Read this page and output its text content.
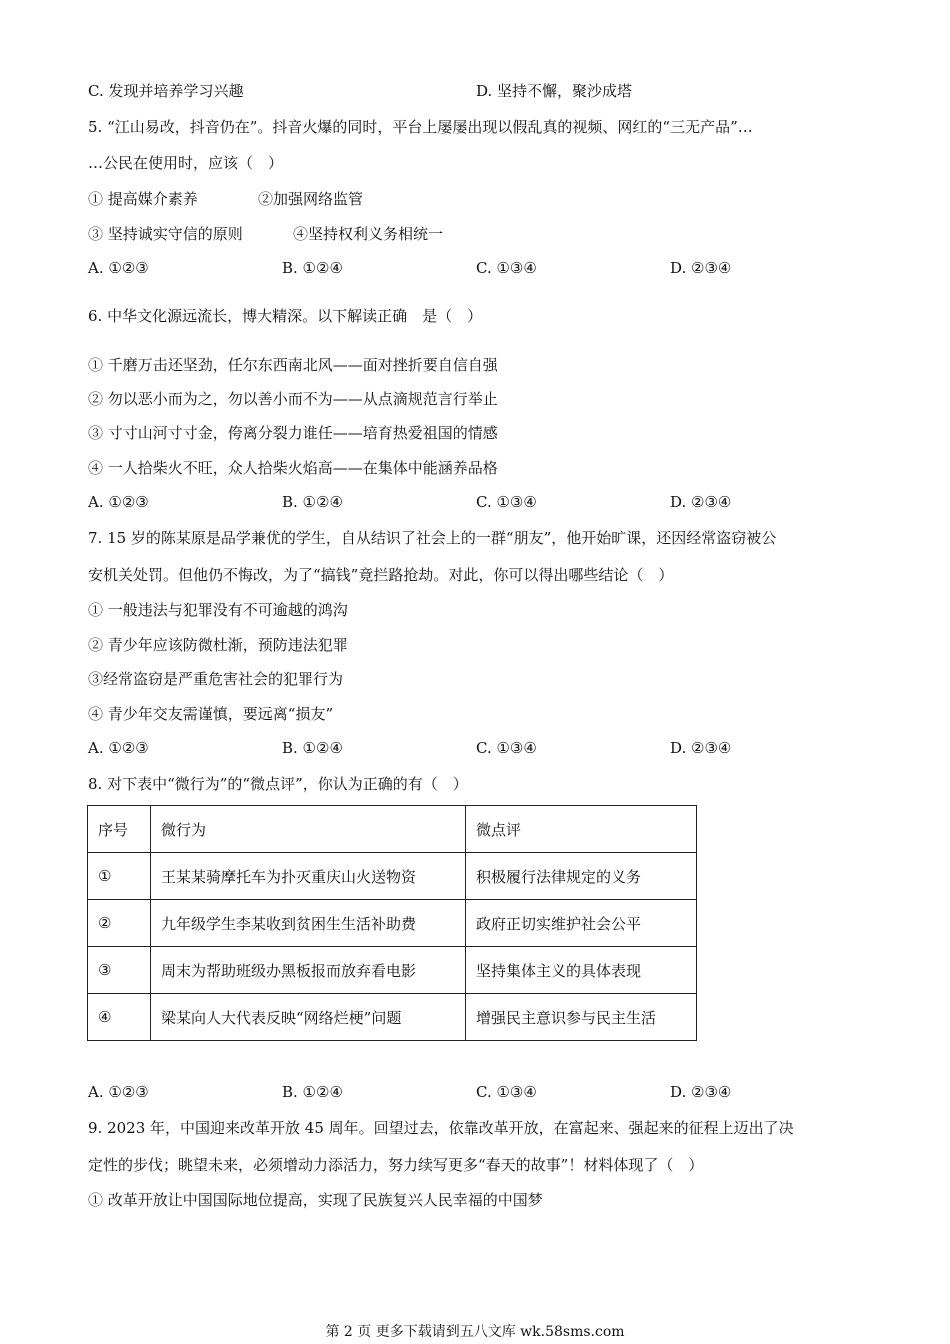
C. 发现并培养学习兴趣	D. 坚持不懈，聚沙成塔
5. “江山易改，抖音仍在”。抖音火爆的同时，平台上屡屡出现以假乱真的视频、网红的“三无产品”…
…公民在使用时，应该（　）
① 提高媒介素养	②加强网络监管
③ 坚持诚实守信的原则	④坚持权利义务相统一
A. ①②③	B. ①②④	C. ①③④	D. ②③④
6. 中华文化源远流长，博大精深。以下解读正确　是（　）
① 千磨万击还坚劲，任尔东西南北风——面对挫折要自信自强
② 勿以恶小而为之，勿以善小而不为——从点滴规范言行举止
③ 寸寸山河寸寸金，侉离分裂力谁任——培育热爱祖国的情感
④ 一人拾柴火不旺，众人拾柴火焰高——在集体中能涵养品格
A. ①②③	B. ①②④	C. ①③④	D. ②③④
7. 15 岁的陈某原是品学兼优的学生，自从结识了社会上的一群“朋友”，他开始旷课，还因经常盗窃被公
安机关处罚。但他仍不悔改，为了“搞钱”竟拦路抢劫。对此，你可以得出哪些结论（　）
① 一般违法与犯罪没有不可逾越的鸿沟
② 青少年应该防微杜渐，预防违法犯罪
③经常盗窃是严重危害社会的犯罪行为
④ 青少年交友需谨慎，要远离“损友”
A. ①②③	B. ①②④	C. ①③④	D. ②③④
8. 对下表中“微行为”的“微点评”，你认为正确的有（　）
序号	微行为	微点评
①	王某某骑摩托车为扑灭重庆山火送物资	积极履行法律规定的义务
②	九年级学生李某收到贫困生生活补助费	政府正切实维护社会公平
③	周末为帮助班级办黑板报而放弃看电影	坚持集体主义的具体表现
④	梁某向人大代表反映“网络烂梗”问题	增强民主意识参与民主生活
A. ①②③	B. ①②④	C. ①③④	D. ②③④
9. 2023 年，中国迎来改革开放 45 周年。回望过去，依靠改革开放，在富起来、强起来的征程上迈出了决
定性的步伐；眺望未来，必须增动力添活力，努力续写更多“春天的故事”！材料体现了（　）
① 改革开放让中国国际地位提高，实现了民族复兴人民幸福的中国梦
第 2 页 更多下载请到五八文库 wk.58sms.com
